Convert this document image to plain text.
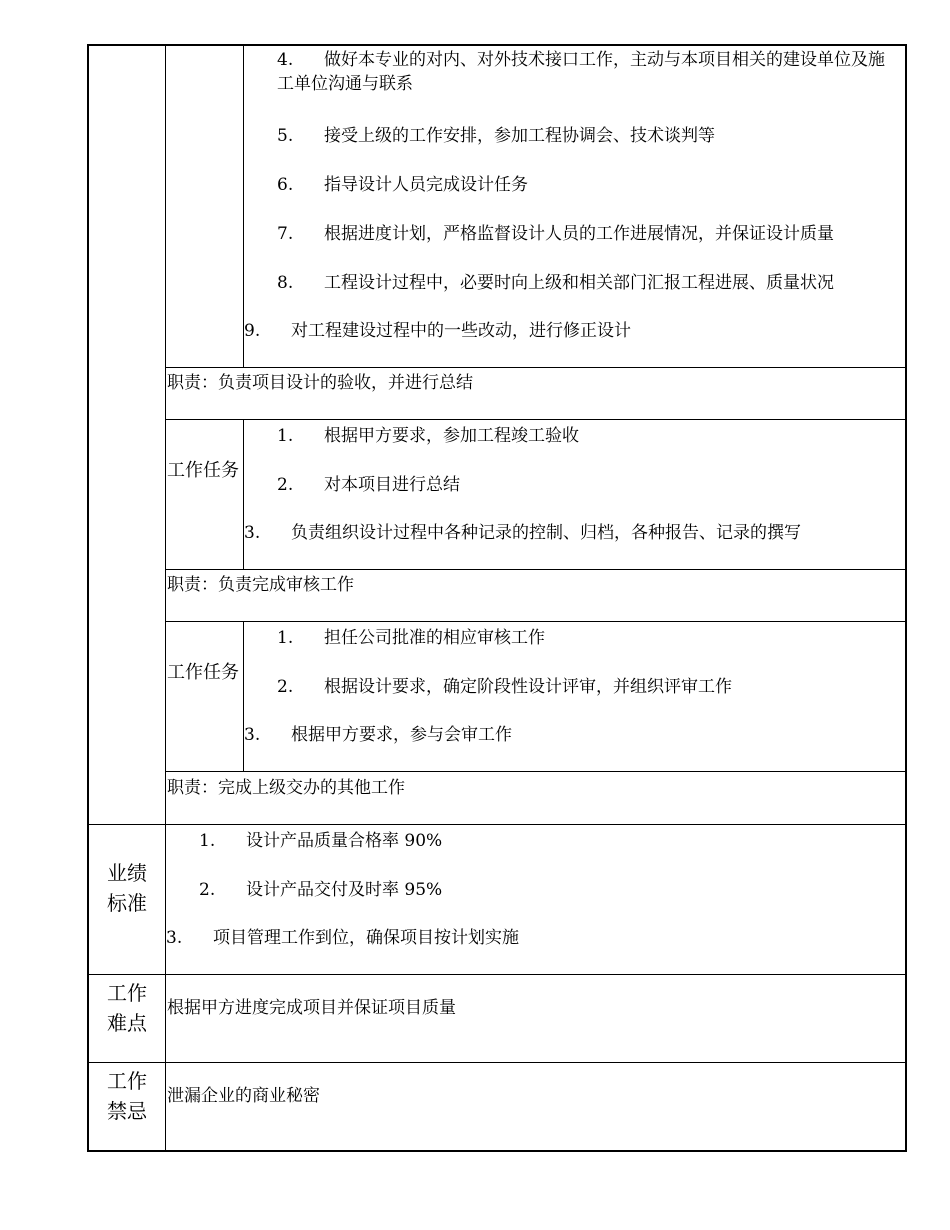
4.	做好本专业的对内、对外技术接口工作，主动与本项目相关的建设单位及施工单位沟通与联系
5. 接受上级的工作安排，参加工程协调会、技术谈判等
6. 指导设计人员完成设计任务
7. 根据进度计划，严格监督设计人员的工作进展情况，并保证设计质量
8. 工程设计过程中，必要时向上级和相关部门汇报工程进展、质量状况
9. 对工程建设过程中的一些改动，进行修正设计
职责：负责项目设计的验收，并进行总结
工作任务
1. 根据甲方要求，参加工程竣工验收
2. 对本项目进行总结
3. 负责组织设计过程中各种记录的控制、归档，各种报告、记录的撰写
职责：负责完成审核工作
工作任务
1. 担任公司批准的相应审核工作
2. 根据设计要求，确定阶段性设计评审，并组织评审工作
3. 根据甲方要求，参与会审工作
职责：完成上级交办的其他工作
业绩标准
1. 设计产品质量合格率 90%
2. 设计产品交付及时率 95%
3. 项目管理工作到位，确保项目按计划实施
工作难点
根据甲方进度完成项目并保证项目质量
工作禁忌
泄漏企业的商业秘密
